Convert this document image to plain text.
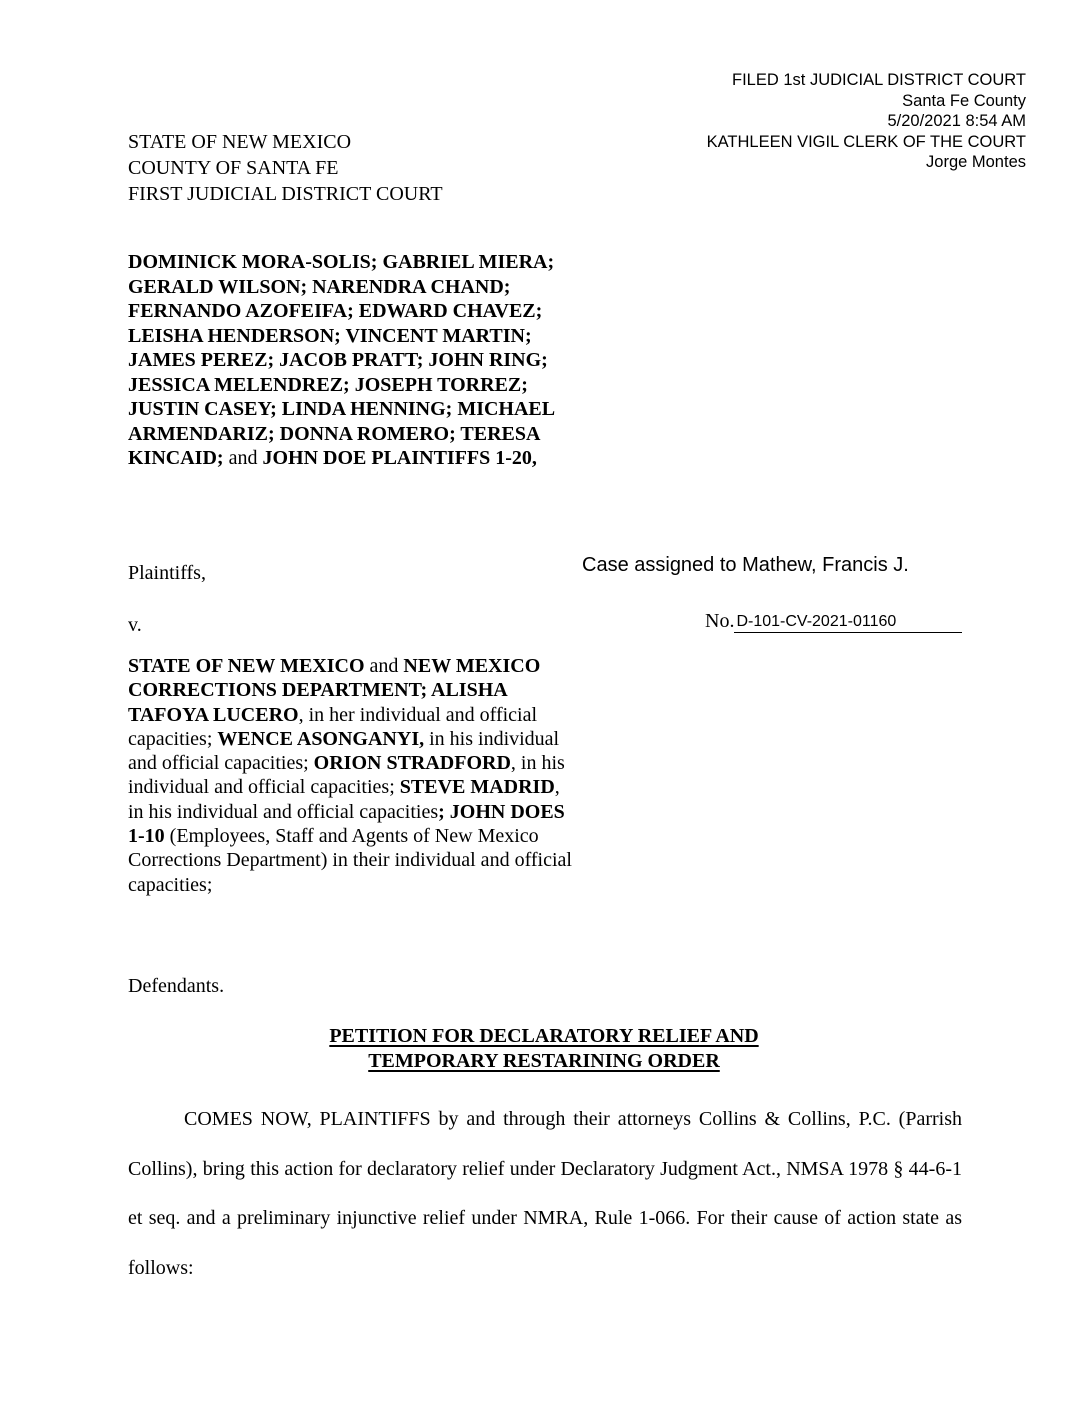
FILED 1st JUDICIAL DISTRICT COURT
Santa Fe County
5/20/2021 8:54 AM
KATHLEEN VIGIL CLERK OF THE COURT
Jorge Montes
STATE OF NEW MEXICO
COUNTY OF SANTA FE
FIRST JUDICIAL DISTRICT COURT
DOMINICK MORA-SOLIS; GABRIEL MIERA; GERALD WILSON; NARENDRA CHAND; FERNANDO AZOFEIFA; EDWARD CHAVEZ; LEISHA HENDERSON; VINCENT MARTIN; JAMES PEREZ; JACOB PRATT; JOHN RING; JESSICA MELENDREZ; JOSEPH TORREZ; JUSTIN CASEY; LINDA HENNING; MICHAEL ARMENDARIZ; DONNA ROMERO; TERESA KINCAID; and JOHN DOE PLAINTIFFS 1-20,
Plaintiffs,	Case assigned to Mathew, Francis J.
v.	No. D-101-CV-2021-01160
STATE OF NEW MEXICO and NEW MEXICO CORRECTIONS DEPARTMENT; ALISHA TAFOYA LUCERO, in her individual and official capacities; WENCE ASONGANYI, in his individual and official capacities; ORION STRADFORD, in his individual and official capacities; STEVE MADRID, in his individual and official capacities; JOHN DOES 1-10 (Employees, Staff and Agents of New Mexico Corrections Department) in their individual and official capacities;
Defendants.
PETITION FOR DECLARATORY RELIEF AND
TEMPORARY RESTARINING ORDER

COMES NOW, PLAINTIFFS by and through their attorneys Collins & Collins, P.C. (Parrish Collins), bring this action for declaratory relief under Declaratory Judgment Act., NMSA 1978 § 44-6-1 et seq. and a preliminary injunctive relief under NMRA, Rule 1-066. For their cause of action state as follows:
